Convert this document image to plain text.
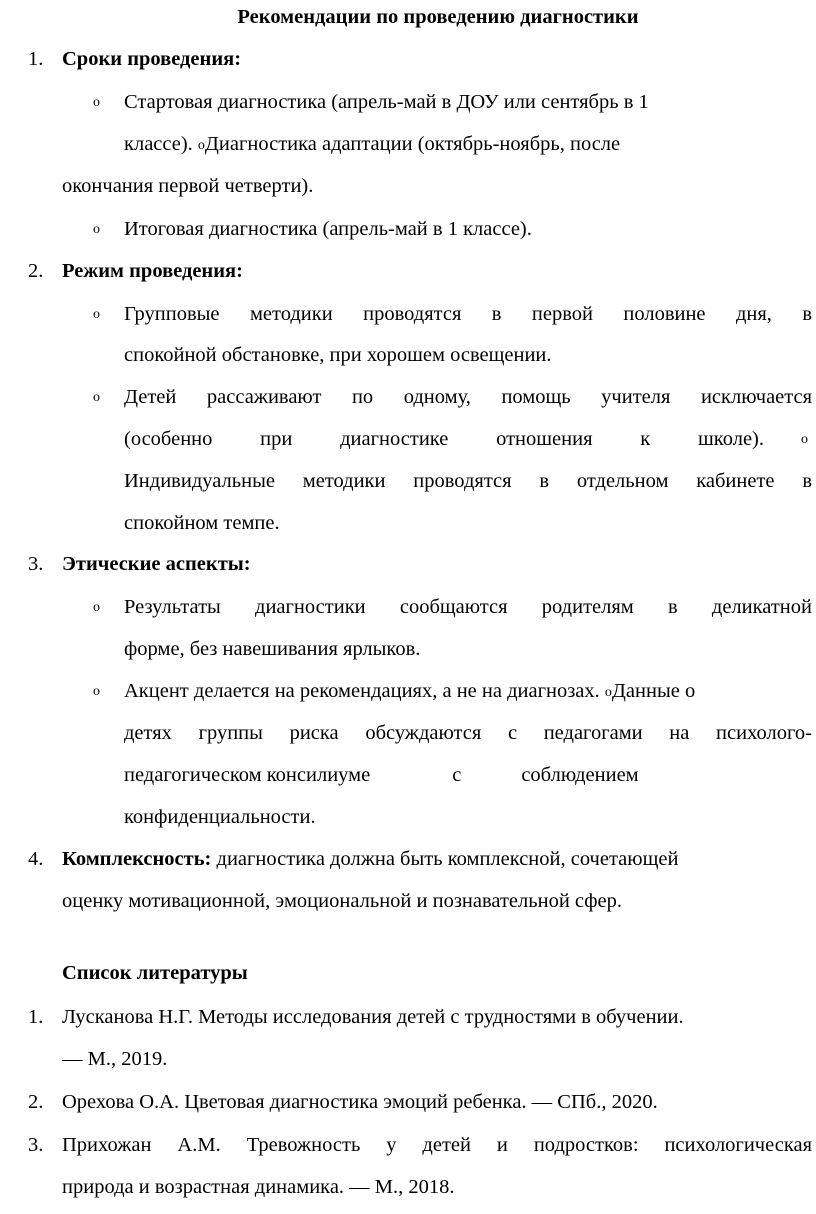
Рекомендации по проведению диагностики
1. Сроки проведения:
o Стартовая диагностика (апрель-май в ДОУ или сентябрь в 1
классе). oДиагностика адаптации (октябрь-ноябрь, после
окончания первой четверти).
o Итоговая диагностика (апрель-май в 1 классе).
2. Режим проведения:
o Групповые методики проводятся в первой половине дня, в
спокойной обстановке, при хорошем освещении.
o Детей рассаживают по одному, помощь учителя исключается
(особенно при диагностике отношения к школе).	o
Индивидуальные методики проводятся в отдельном кабинете в
спокойном темпе.
3. Этические аспекты:
o Результаты диагностики сообщаются родителям в деликатной
форме, без навешивания ярлыков.
o Акцент делается на рекомендациях, а не на диагнозах. oДанные о
детях группы риска обсуждаются с педагогами на психолого-
педагогическом консилиуме	с	соблюдением
конфиденциальности.
4. Комплексность: диагностика должна быть комплексной, сочетающей
оценку мотивационной, эмоциональной и познавательной сфер.
Список литературы
1. Лусканова Н.Г. Методы исследования детей с трудностями в обучении.
— М., 2019.
2. Орехова О.А. Цветовая диагностика эмоций ребенка. — СПб., 2020.
3. Прихожан А.М. Тревожность у детей и подростков: психологическая
природа и возрастная динамика. — М., 2018.
